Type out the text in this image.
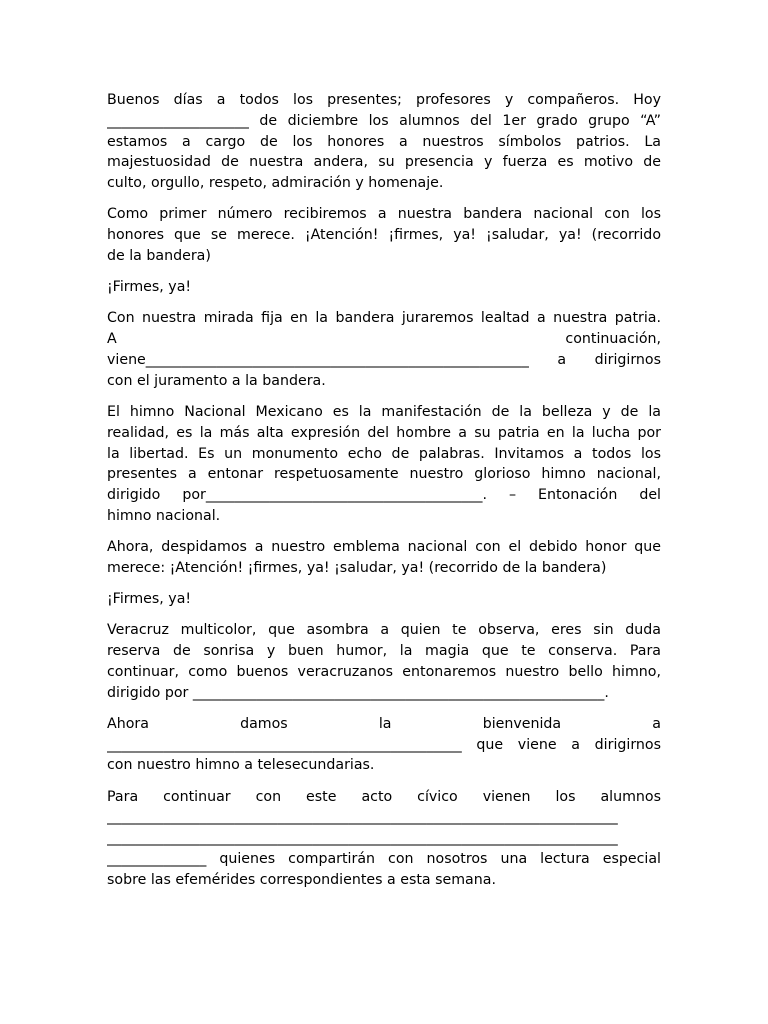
Buenos días a todos los presentes; profesores y compañeros. Hoy
____________________ de diciembre los alumnos del 1er grado grupo “A”
estamos a cargo de los honores a nuestros símbolos patrios. La
majestuosidad de nuestra andera, su presencia y fuerza es motivo de
culto, orgullo, respeto, admiración y homenaje.

Como primer número recibiremos a nuestra bandera nacional con los
honores que se merece. ¡Atención! ¡firmes, ya! ¡saludar, ya! (recorrido
de la bandera)

¡Firmes, ya!

Con nuestra mirada fija en la bandera juraremos lealtad a nuestra patria.
A continuación,
viene______________________________________________________ a dirigirnos
con el juramento a la bandera.

El himno Nacional Mexicano es la manifestación de la belleza y de la
realidad, es la más alta expresión del hombre a su patria en la lucha por
la libertad. Es un monumento echo de palabras. Invitamos a todos los
presentes a entonar respetuosamente nuestro glorioso himno nacional,
dirigido por_______________________________________. – Entonación del
himno nacional.

Ahora, despidamos a nuestro emblema nacional con el debido honor que
merece: ¡Atención! ¡firmes, ya! ¡saludar, ya! (recorrido de la bandera)

¡Firmes, ya!

Veracruz multicolor, que asombra a quien te observa, eres sin duda
reserva de sonrisa y buen humor, la magia que te conserva. Para
continuar, como buenos veracruzanos entonaremos nuestro bello himno,
dirigido por __________________________________________________________.

Ahora damos la bienvenida a
__________________________________________________ que viene a dirigirnos
con nuestro himno a telesecundarias.

Para continuar con este acto cívico vienen los alumnos
________________________________________________________________________
________________________________________________________________________
______________ quienes compartirán con nosotros una lectura especial
sobre las efemérides correspondientes a esta semana.
